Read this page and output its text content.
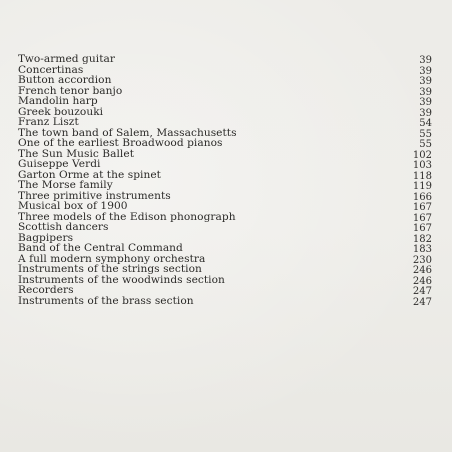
Two-armed guitar	39
Concertinas	39
Button accordion	39
French tenor banjo	39
Mandolin harp	39
Greek bouzouki	39
Franz Liszt	54
The town band of Salem, Massachusetts	55
One of the earliest Broadwood pianos	55
The Sun Music Ballet	102
Guiseppe Verdi	103
Garton Orme at the spinet	118
The Morse family	119
Three primitive instruments	166
Musical box of 1900	167
Three models of the Edison phonograph	167
Scottish dancers	167
Bagpipers	182
Band of the Central Command	183
A full modern symphony orchestra	230
Instruments of the strings section	246
Instruments of the woodwinds section	246
Recorders	247
Instruments of the brass section	247
